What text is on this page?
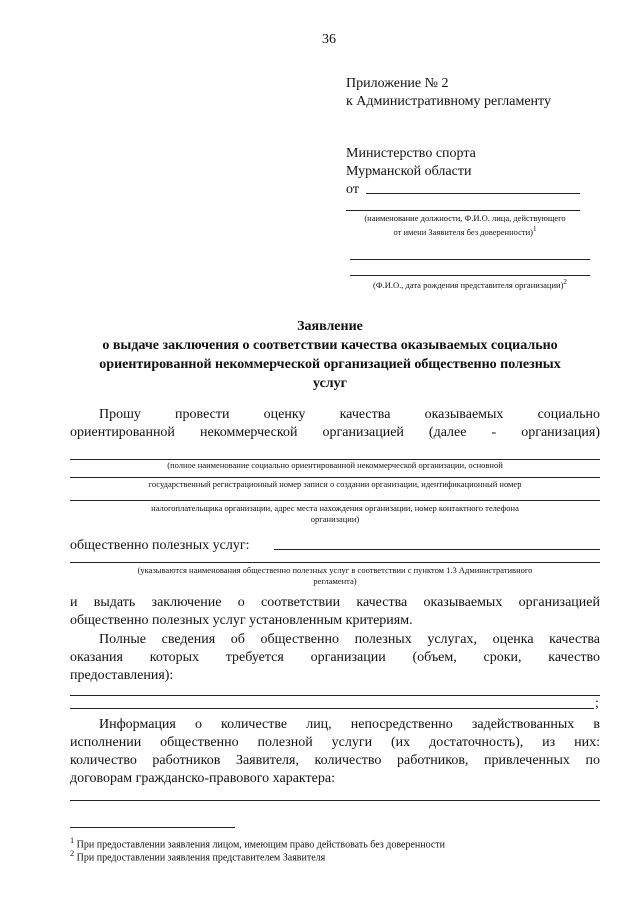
36
Приложение № 2
к Административному регламенту
Министерство спорта
Мурманской области
от
(наименование должности, Ф.И.О. лица, действующего от имени Заявителя без доверенности)$^1$
(Ф.И.О., дата рождения представителя организации)$^2$
Заявление
о выдаче заключения о соответствии качества оказываемых социально
ориентированной некоммерческой организацией общественно полезных
услуг
Прошу провести оценку качества оказываемых социально
ориентированной некоммерческой организацией (далее - организация)
(полное наименование социально ориентированной некоммерческой организации, основной
государственный регистрационный номер записи о создании организации, идентификационный номер
налогоплательщика организации, адрес места нахождения организации, номер контактного телефона
организации)
общественно полезных услуг:
(указываются наименования общественно полезных услуг в соответствии с пунктом 1.3 Административного
регламента)
и выдать заключение о соответствии качества оказываемых организацией
общественно полезных услуг установленным критериям.
Полные сведения об общественно полезных услугах, оценка качества
оказания которых требуется организации (объем, сроки, качество
предоставления):
;
Информация о количестве лиц, непосредственно задействованных в
исполнении общественно полезной услуги (их достаточность), из них:
количество работников Заявителя, количество работников, привлеченных по
договорам гражданско-правового характера:
$^1$ При предоставлении заявления лицом, имеющим право действовать без доверенности
$^2$ При предоставлении заявления представителем Заявителя
